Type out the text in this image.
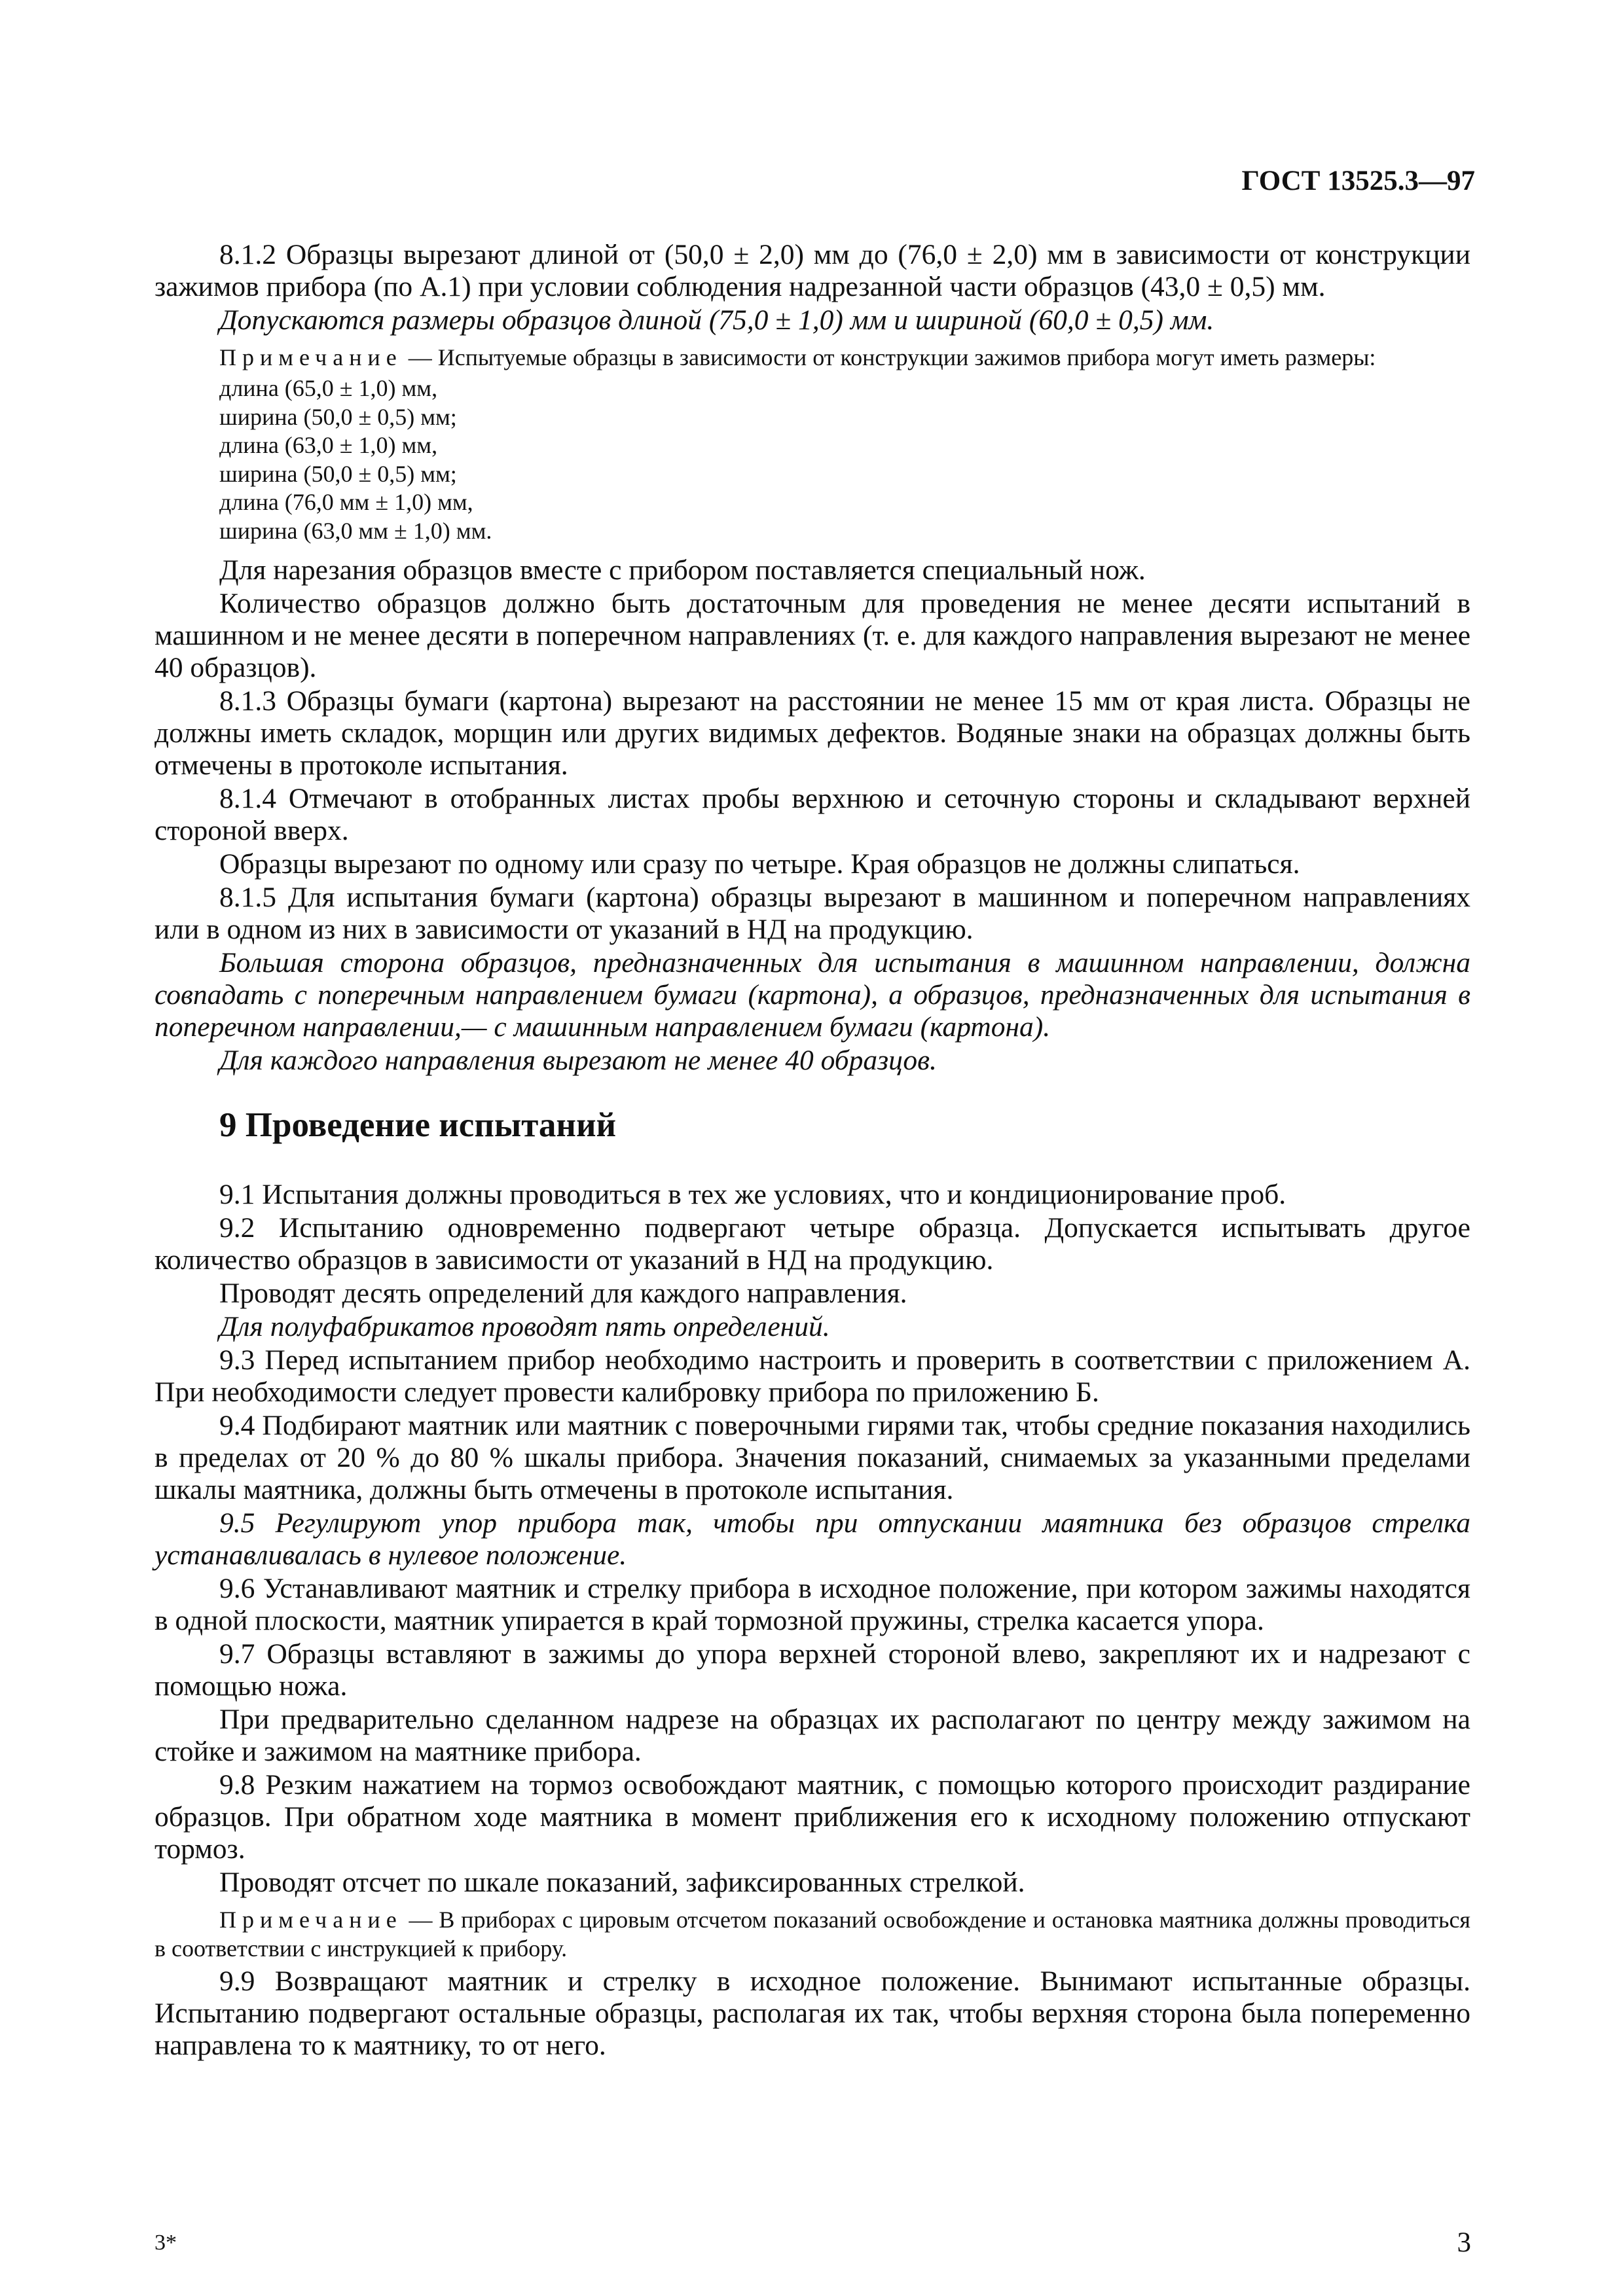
ГОСТ 13525.3—97

8.1.2 Образцы вырезают длиной от (50,0 ± 2,0) мм до (76,0 ± 2,0) мм в зависимости от конструкции зажимов прибора (по А.1) при условии соблюдения надрезанной части образцов (43,0 ± 0,5) мм.

Допускаются размеры образцов длиной (75,0 ± 1,0) мм и шириной (60,0 ± 0,5) мм.

Примечание — Испытуемые образцы в зависимости от конструкции зажимов прибора могут иметь размеры:

длина (65,0 ± 1,0) мм,
ширина (50,0 ± 0,5) мм;
длина (63,0 ± 1,0) мм,
ширина (50,0 ± 0,5) мм;
длина (76,0 мм ± 1,0) мм,
ширина (63,0 мм ± 1,0) мм.

Для нарезания образцов вместе с прибором поставляется специальный нож.

Количество образцов должно быть достаточным для проведения не менее десяти испытаний в машинном и не менее десяти в поперечном направлениях (т. е. для каждого направления вырезают не менее 40 образцов).

8.1.3 Образцы бумаги (картона) вырезают на расстоянии не менее 15 мм от края листа. Образцы не должны иметь складок, морщин или других видимых дефектов. Водяные знаки на образцах должны быть отмечены в протоколе испытания.

8.1.4 Отмечают в отобранных листах пробы верхнюю и сеточную стороны и складывают верхней стороной вверх.

Образцы вырезают по одному или сразу по четыре. Края образцов не должны слипаться.

8.1.5 Для испытания бумаги (картона) образцы вырезают в машинном и поперечном направлениях или в одном из них в зависимости от указаний в НД на продукцию.

Большая сторона образцов, предназначенных для испытания в машинном направлении, должна совпадать с поперечным направлением бумаги (картона), а образцов, предназначенных для испытания в поперечном направлении,— с машинным направлением бумаги (картона).

Для каждого направления вырезают не менее 40 образцов.

9 Проведение испытаний

9.1 Испытания должны проводиться в тех же условиях, что и кондиционирование проб.

9.2 Испытанию одновременно подвергают четыре образца. Допускается испытывать другое количество образцов в зависимости от указаний в НД на продукцию.

Проводят десять определений для каждого направления.

Для полуфабрикатов проводят пять определений.

9.3 Перед испытанием прибор необходимо настроить и проверить в соответствии с приложением А. При необходимости следует провести калибровку прибора по приложению Б.

9.4 Подбирают маятник или маятник с поверочными гирями так, чтобы средние показания находились в пределах от 20 % до 80 % шкалы прибора. Значения показаний, снимаемых за указанными пределами шкалы маятника, должны быть отмечены в протоколе испытания.

9.5 Регулируют упор прибора так, чтобы при отпускании маятника без образцов стрелка устанавливалась в нулевое положение.

9.6 Устанавливают маятник и стрелку прибора в исходное положение, при котором зажимы находятся в одной плоскости, маятник упирается в край тормозной пружины, стрелка касается упора.

9.7 Образцы вставляют в зажимы до упора верхней стороной влево, закрепляют их и надрезают с помощью ножа.

При предварительно сделанном надрезе на образцах их располагают по центру между зажимом на стойке и зажимом на маятнике прибора.

9.8 Резким нажатием на тормоз освобождают маятник, с помощью которого происходит раздирание образцов. При обратном ходе маятника в момент приближения его к исходному положению отпускают тормоз.

Проводят отсчет по шкале показаний, зафиксированных стрелкой.

Примечание — В приборах с цировым отсчетом показаний освобождение и остановка маятника должны проводиться в соответствии с инструкцией к прибору.

9.9 Возвращают маятник и стрелку в исходное положение. Вынимают испытанные образцы. Испытанию подвергают остальные образцы, располагая их так, чтобы верхняя сторона была попеременно направлена то к маятнику, то от него.

3*	3
